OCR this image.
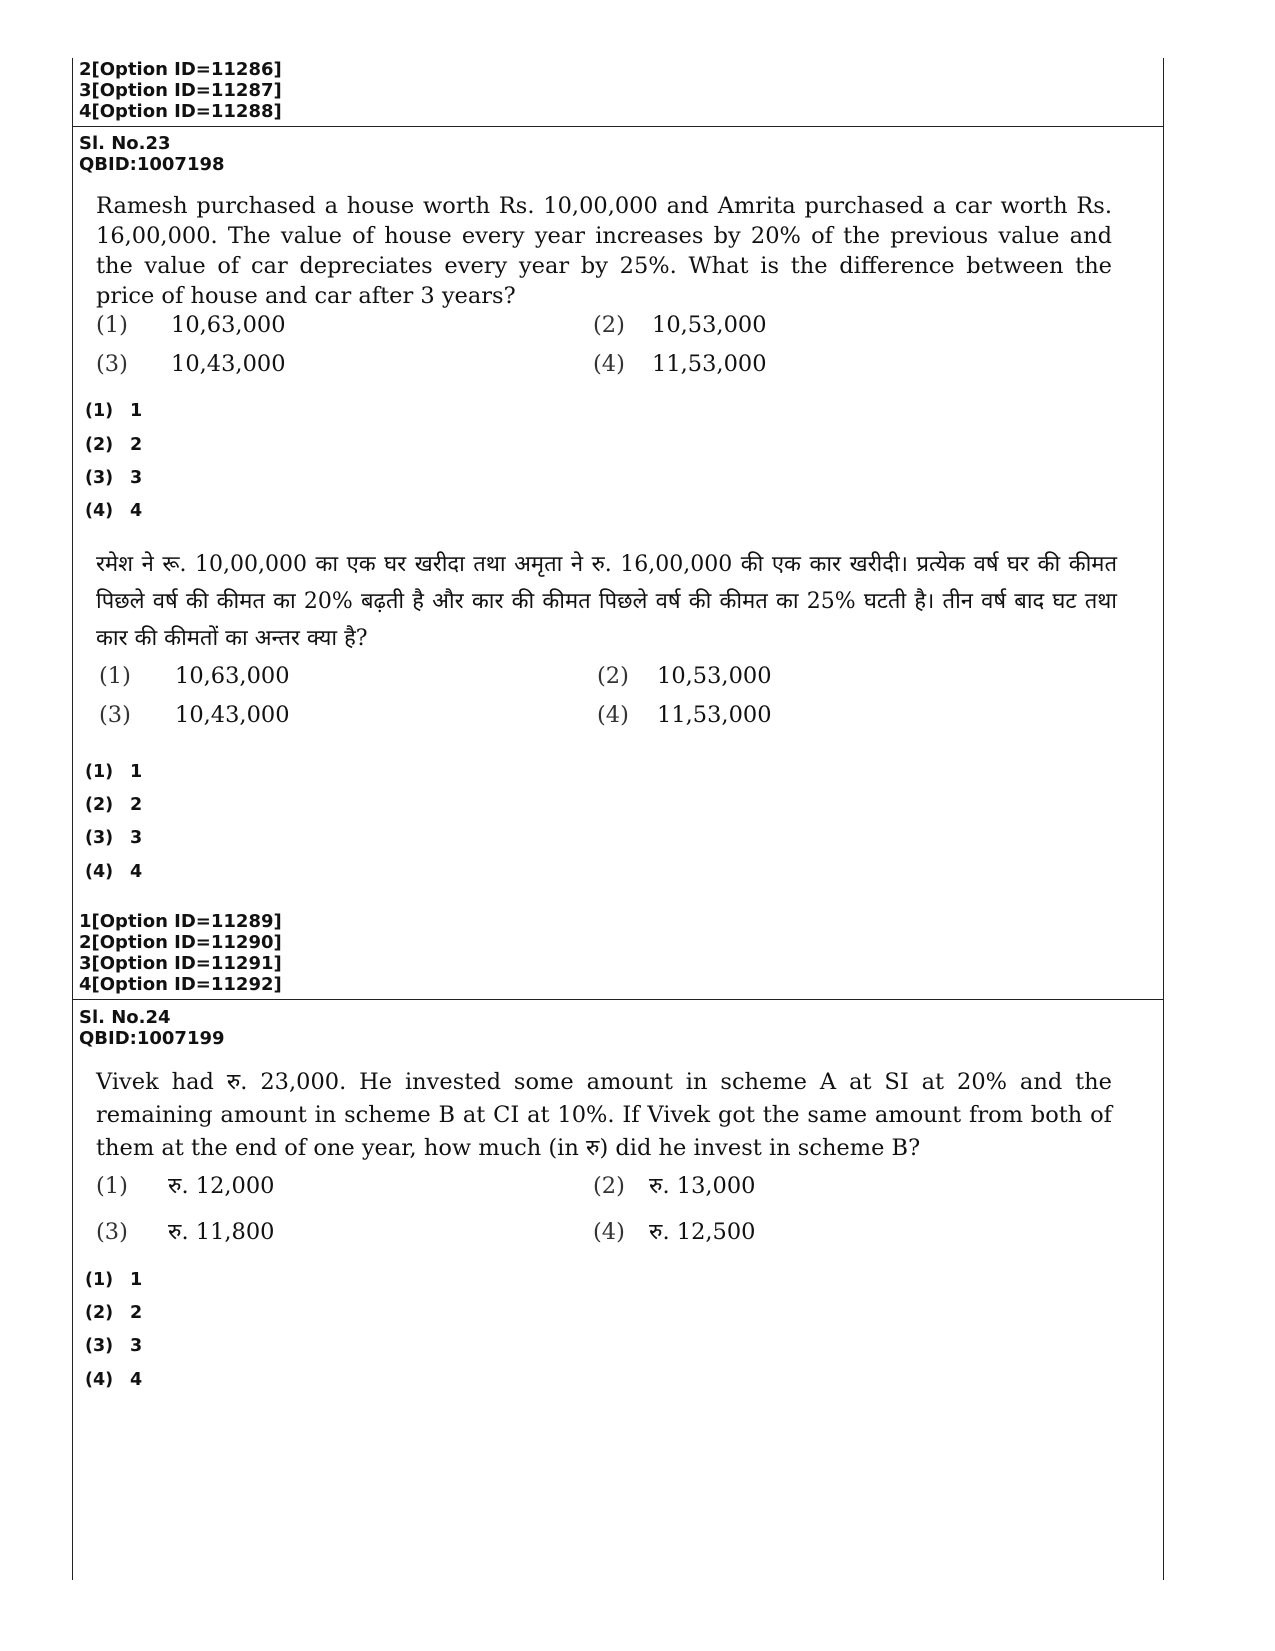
2[Option ID=11286]
3[Option ID=11287]
4[Option ID=11288]
Sl. No.23
QBID:1007198
Ramesh purchased a house worth Rs. 10,00,000 and Amrita purchased a car worth Rs. 16,00,000. The value of house every year increases by 20% of the previous value and the value of car depreciates every year by 25%. What is the difference between the price of house and car after 3 years?
(1) 10,63,000	(2) 10,53,000
(3) 10,43,000	(4) 11,53,000
(1) 1
(2) 2
(3) 3
(4) 4
रमेश ने रू. 10,00,000 का एक घर खरीदा तथा अमृता ने रु. 16,00,000 की एक कार खरीदी। प्रत्येक वर्ष घर की कीमत पिछले वर्ष की कीमत का 20% बढ़ती है और कार की कीमत पिछले वर्ष की कीमत का 25% घटती है। तीन वर्ष बाद घट तथा कार की कीमतों का अन्तर क्या है?
(1) 10,63,000	(2) 10,53,000
(3) 10,43,000	(4) 11,53,000
(1) 1
(2) 2
(3) 3
(4) 4
1[Option ID=11289]
2[Option ID=11290]
3[Option ID=11291]
4[Option ID=11292]
Sl. No.24
QBID:1007199
Vivek had रु. 23,000. He invested some amount in scheme A at SI at 20% and the remaining amount in scheme B at CI at 10%. If Vivek got the same amount from both of them at the end of one year, how much (in रु) did he invest in scheme B?
(1) रु. 12,000	(2) रु. 13,000
(3) रु. 11,800	(4) रु. 12,500
(1) 1
(2) 2
(3) 3
(4) 4
